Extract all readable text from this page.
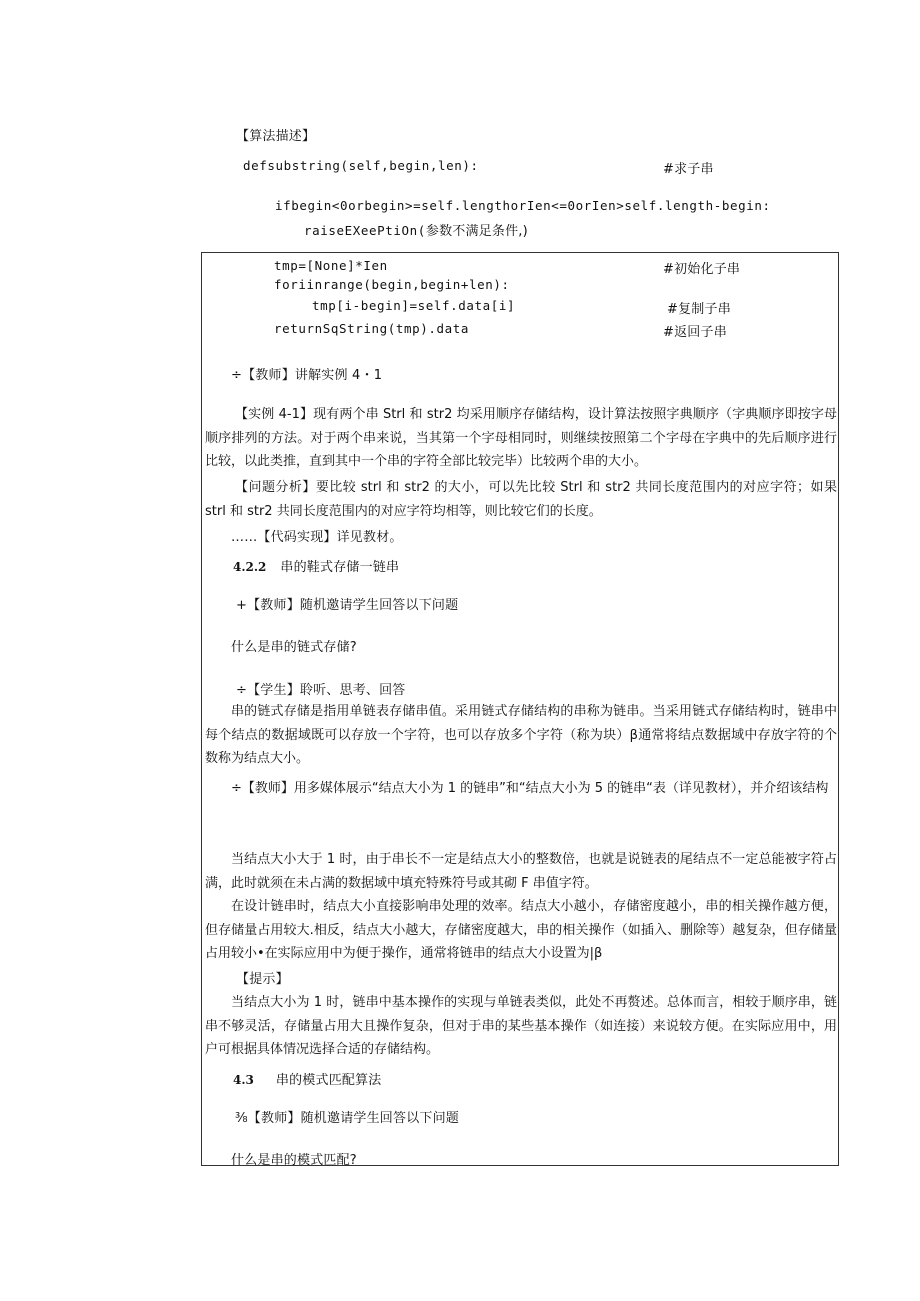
【算法描述】
defsubstring(self,begin,len):	#求子串
ifbegin<0orbegin>=self.lengthorIen<=0orIen>self.length-begin:
raiseEXeePtiOn(参数不满足条件,)
tmp=[None]*Ien	#初始化子串
foriinrange(begin,begin+len):
tmp[i-begin]=self.data[i]	#复制子串
returnSqString(tmp).data	#返回子串
÷【教师】讲解实例 4・1
【实例 4-1】现有两个串 Strl 和 str2 均采用顺序存储结构，设计算法按照字典顺序（字典顺序即按字母顺序排列的方法。对于两个串来说，当其第一个字母相同时，则继续按照第二个字母在字典中的先后顺序进行比较，以此类推，直到其中一个串的字符全部比较完毕）比较两个串的大小。
【问题分析】要比较 strl 和 str2 的大小，可以先比较 Strl 和 str2 共同长度范围内的对应字符；如果 strl 和 str2 共同长度范围内的对应字符均相等，则比较它们的长度。
……【代码实现】详见教材。
4.2.2 串的鞋式存储一链串
+【教师】随机邀请学生回答以下问题
什么是串的链式存储?
÷【学生】聆听、思考、回答
串的链式存储是指用单链表存储串值。采用链式存储结构的串称为链串。当采用链式存储结构时，链串中每个结点的数据域既可以存放一个字符，也可以存放多个字符（称为块）β通常将结点数据域中存放字符的个数称为结点大小。
÷【教师】用多媒体展示“结点大小为 1 的链串”和“结点大小为 5 的链串“表（详见教材），并介绍该结构
当结点大小大于 1 时，由于串长不一定是结点大小的整数倍，也就是说链表的尾结点不一定总能被字符占满，此时就须在未占满的数据域中填充特殊符号或其砌 F 串值字符。
在设计链串时，结点大小直接影响串处理的效率。结点大小越小，存储密度越小，串的相关操作越方便，但存储量占用较大.相反，结点大小越大，存储密度越大，串的相关操作（如插入、删除等）越复杂，但存储量占用较小•在实际应用中为便于操作，通常将链串的结点大小设置为|β
【提示】
当结点大小为 1 时，链串中基本操作的实现与单链表类似，此处不再赘述。总体而言，相较于顺序串，链串不够灵活，存储量占用大且操作复杂，但对于串的某些基本操作（如连接）来说较方便。在实际应用中，用户可根据具体情况选择合适的存储结构。
4.3 串的模式匹配算法
⅜【教师】随机邀请学生回答以下问题
什么是串的模式匹配?
